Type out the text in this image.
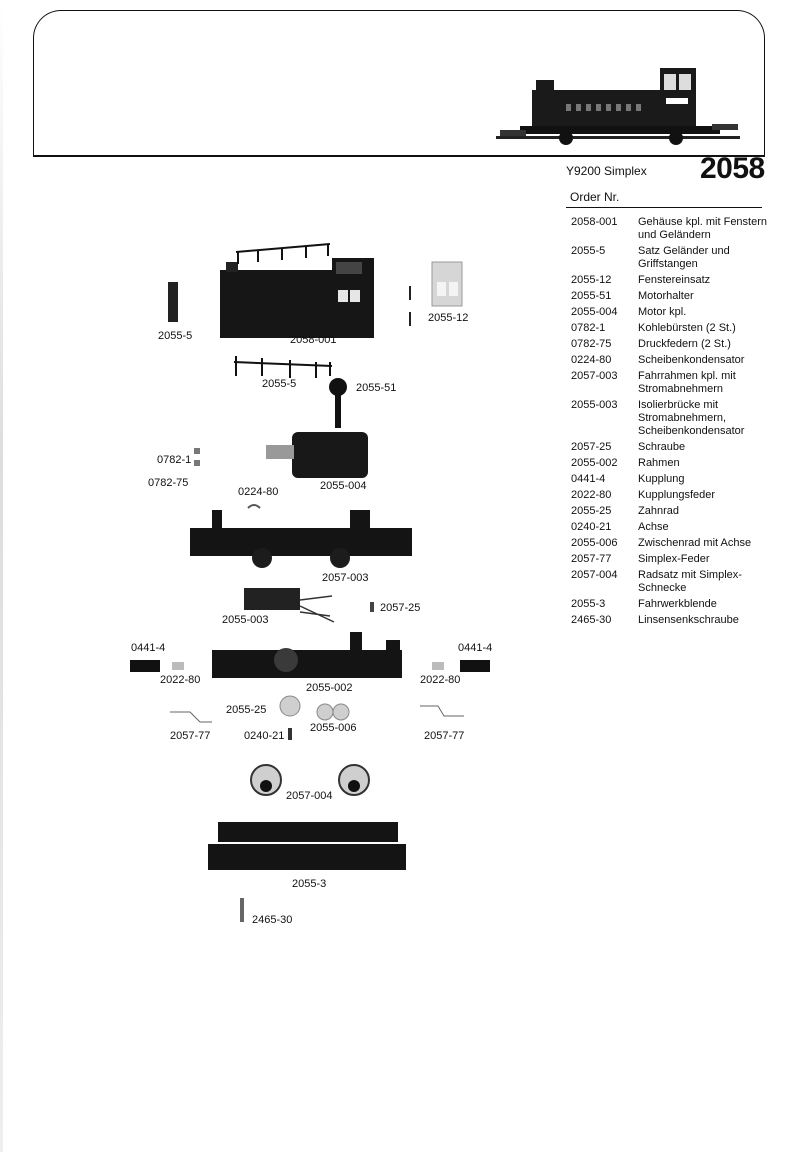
Y9200 Simplex 2058
Order Nr.
2058-001	Gehäuse kpl. mit Fenstern und Geländern
2055-5	Satz Geländer und Griffstangen
2055-12	Fenstereinsatz
2055-51	Motorhalter
2055-004	Motor kpl.
0782-1	Kohlebürsten (2 St.)
0782-75	Druckfedern (2 St.)
0224-80	Scheibenkondensator
2057-003	Fahrrahmen kpl. mit Stromabnehmern
2055-003	Isolierbrücke mit Stromabnehmern, Scheibenkondensator
2057-25	Schraube
2055-002	Rahmen
0441-4	Kupplung
2022-80	Kupplungsfeder
2055-25	Zahnrad
0240-21	Achse
2055-006	Zwischenrad mit Achse
2057-77	Simplex-Feder
2057-004	Radsatz mit Simplex-Schnecke
2055-3	Fahrwerkblende
2465-30	Linsensenkschraube
2055-5	2058-001
2055-12
2055-5	2055-51
0782-1
0782-75
0224-80	2055-004
2057-003
2057-25
2055-003
0441-4	0441-4
2022-80	2022-80
2055-002
2055-25
2055-006
2057-77	2057-77
0240-21
2057-004
2055-3
2465-30
